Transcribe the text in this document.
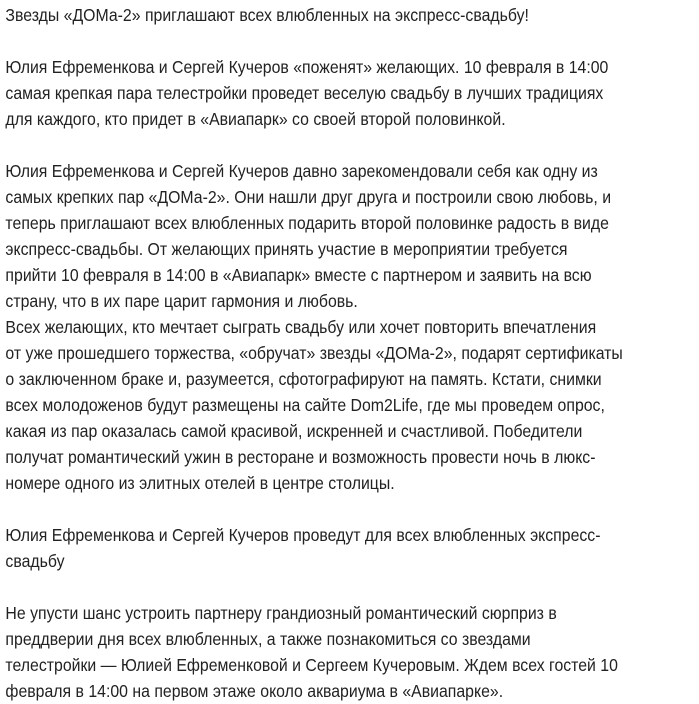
Звезды «ДОМа-2» приглашают всех влюбленных на экспресс-свадьбу!

Юлия Ефременкова и Сергей Кучеров «поженят» желающих. 10 февраля в 14:00
самая крепкая пара телестройки проведет веселую свадьбу в лучших традициях
для каждого, кто придет в «Авиапарк» со своей второй половинкой.

Юлия Ефременкова и Сергей Кучеров давно зарекомендовали себя как одну из
самых крепких пар «ДОМа-2». Они нашли друг друга и построили свою любовь, и
теперь приглашают всех влюбленных подарить второй половинке радость в виде
экспресс-свадьбы. От желающих принять участие в мероприятии требуется
прийти 10 февраля в 14:00 в «Авиапарк» вместе с партнером и заявить на всю
страну, что в их паре царит гармония и любовь.

Всех желающих, кто мечтает сыграть свадьбу или хочет повторить впечатления
от уже прошедшего торжества, «обручат» звезды «ДОМа-2», подарят сертификаты
о заключенном браке и, разумеется, сфотографируют на память. Кстати, снимки
всех молодоженов будут размещены на сайте Dom2Life, где мы проведем опрос,
какая из пар оказалась самой красивой, искренней и счастливой. Победители
получат романтический ужин в ресторане и возможность провести ночь в люкс-
номере одного из элитных отелей в центре столицы.

Юлия Ефременкова и Сергей Кучеров проведут для всех влюбленных экспресс-
свадьбу

Не упусти шанс устроить партнеру грандиозный романтический сюрприз в
преддверии дня всех влюбленных, а также познакомиться со звездами
телестройки — Юлией Ефременковой и Сергеем Кучеровым. Ждем всех гостей 10
февраля в 14:00 на первом этаже около аквариума в «Авиапарке».
